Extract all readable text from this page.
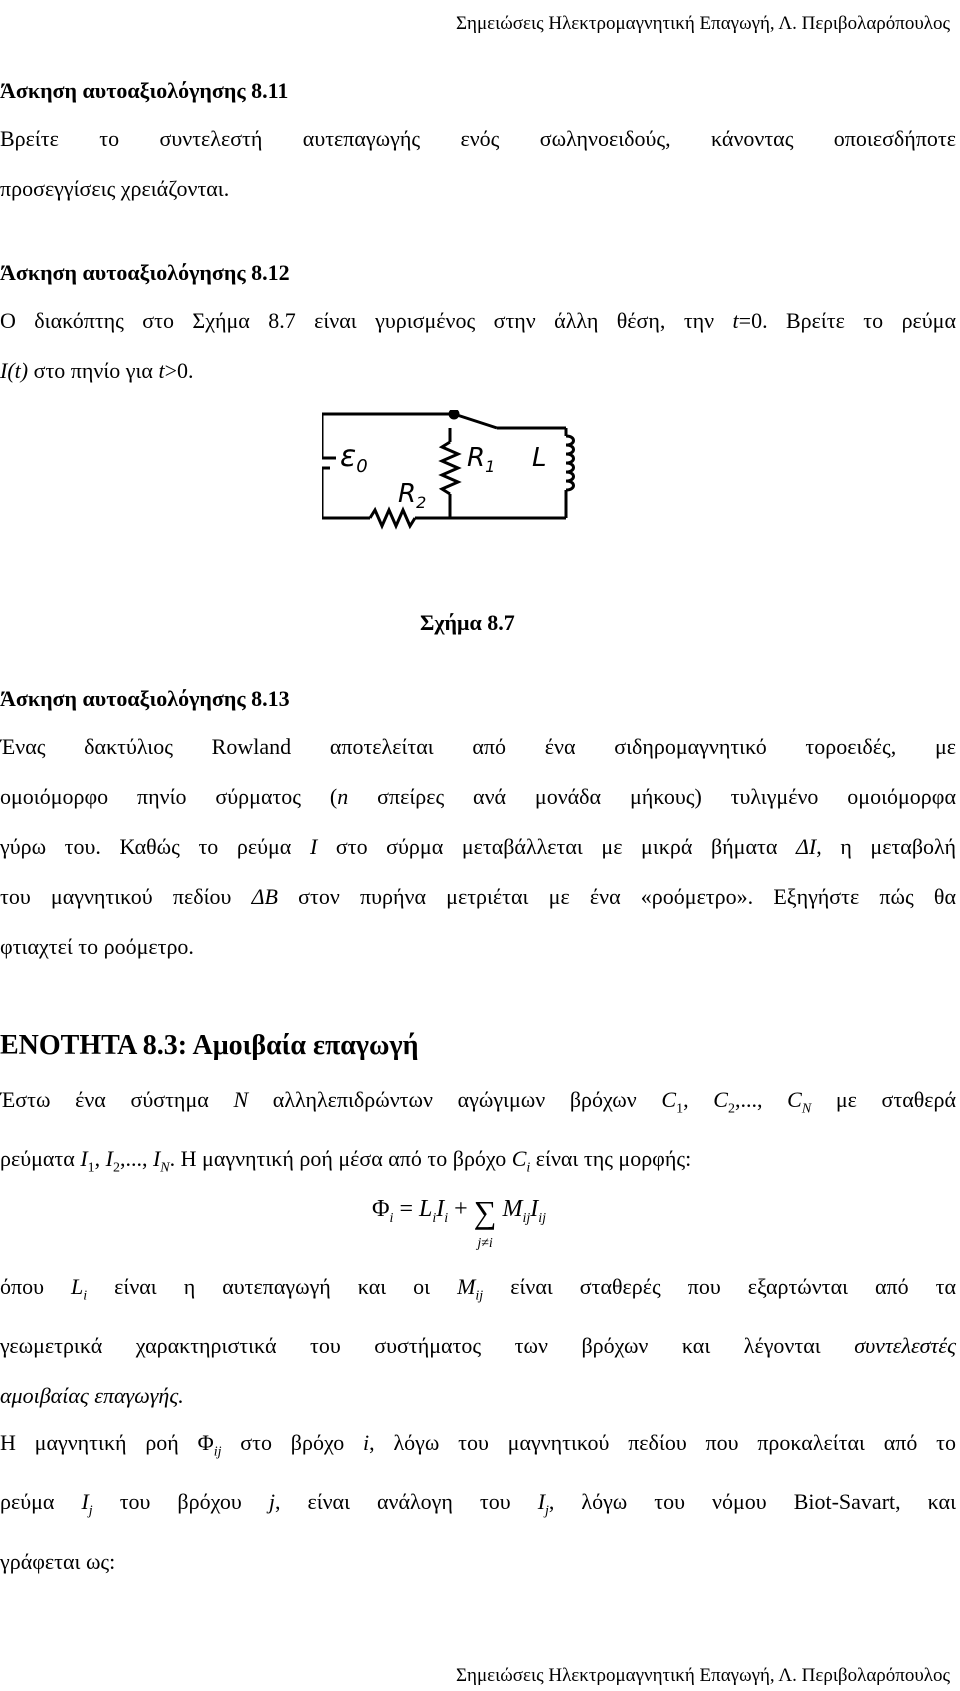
Σημειώσεις Ηλεκτρομαγνητική Επαγωγή, Λ. Περιβολαρόπουλος
Άσκηση αυτοαξιολόγησης 8.11
Βρείτε το συντελεστή αυτεπαγωγής ενός σωληνοειδούς, κάνοντας οποιεσδήποτε
προσεγγίσεις χρειάζονται.
Άσκηση αυτοαξιολόγησης 8.12
Ο διακόπτης στο Σχήμα 8.7 είναι γυρισμένος στην άλλη θέση, την t=0. Βρείτε το ρεύμα
I(t) στο πηνίο για t>0.
$\varepsilon_0$	$R_1$
$R_2$
L
Σχήμα 8.7
Άσκηση αυτοαξιολόγησης 8.13
Ένας δακτύλιος Rowland αποτελείται από ένα σιδηρομαγνητικό τοροειδές, με
ομοιόμορφο πηνίο σύρματος (n σπείρες ανά μονάδα μήκους) τυλιγμένο ομοιόμορφα
γύρω του. Καθώς το ρεύμα I στο σύρμα μεταβάλλεται με μικρά βήματα ΔI, η μεταβολή
του μαγνητικού πεδίου ΔB στον πυρήνα μετριέται με ένα «ροόμετρο». Εξηγήστε πώς θα
φτιαχτεί το ροόμετρο.
ΕΝΟΤΗΤΑ 8.3: Αμοιβαία επαγωγή
Έστω ένα σύστημα N αλληλεπιδρώντων αγώγιμων βρόχων $C_1$, $C_2$,..., $C_N$ με σταθερά
ρεύματα $I_1$, $I_2$,..., $I_N$. Η μαγνητική ροή μέσα από το βρόχο $C_i$ είναι της μορφής:
$\Phi_i = L_iI_i$ + ∑
j≠i $M_{ij}I_{ij}$
όπου $L_i$ είναι η αυτεπαγωγή και οι $M_{ij}$ είναι σταθερές που εξαρτώνται από τα
γεωμετρικά χαρακτηριστικά του συστήματος των βρόχων και λέγονται συντελεστές
αμοιβαίας επαγωγής.
Η μαγνητική ροή $\Phi_{ij}$ στο βρόχο i, λόγω του μαγνητικού πεδίου που προκαλείται από το
ρεύμα $I_j$ του βρόχου j, είναι ανάλογη του $I_j$, λόγω του νόμου Biot-Savart, και
γράφεται ως:
Σημειώσεις Ηλεκτρομαγνητική Επαγωγή, Λ. Περιβολαρόπουλος
